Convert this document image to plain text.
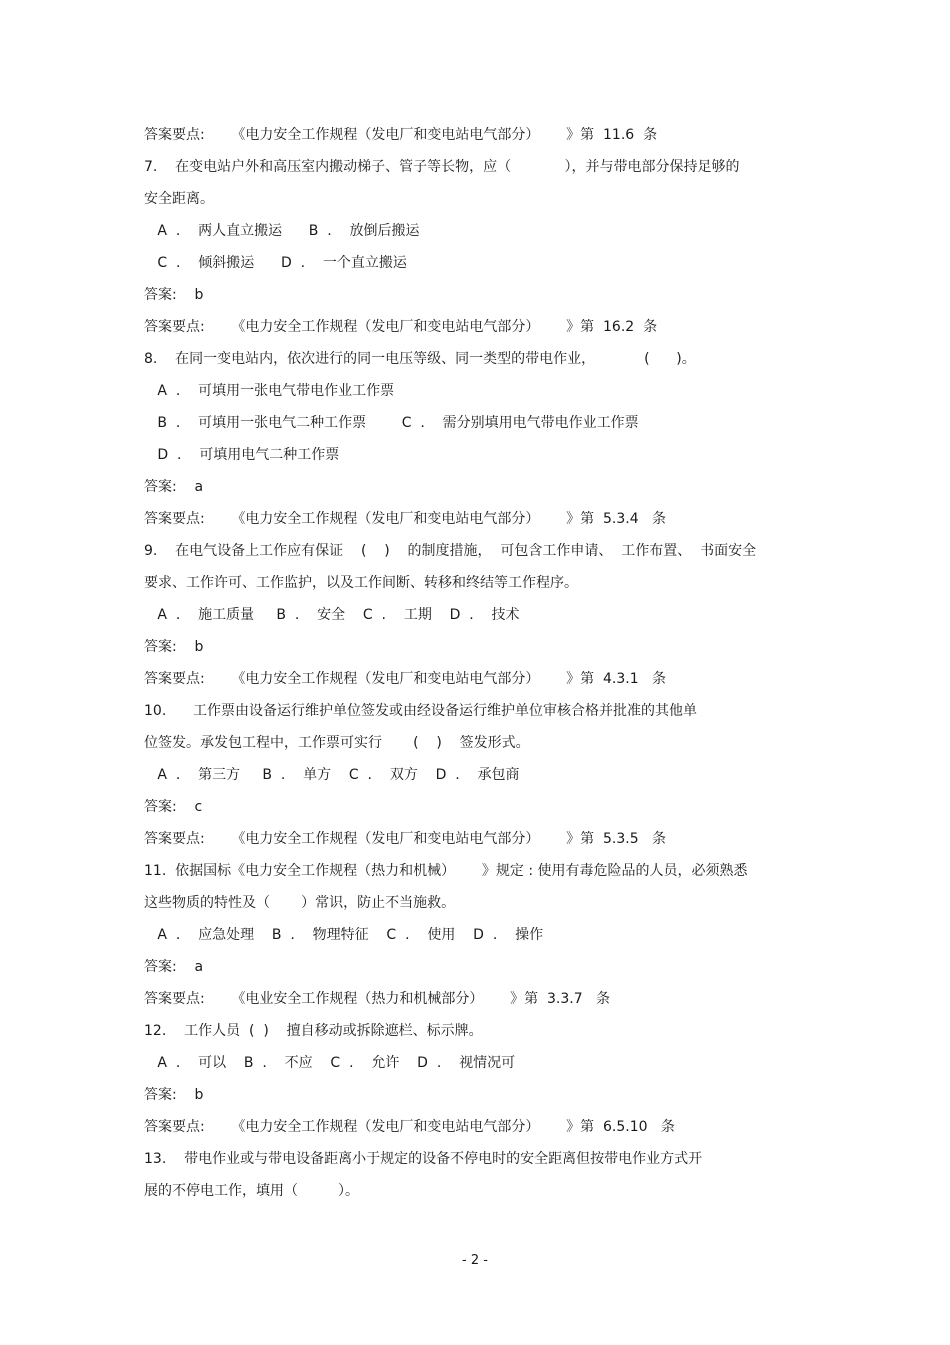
答案要点:      《电力安全工作规程（发电厂和变电站电气部分）      》第  11.6  条
7.    在变电站户外和高压室内搬动梯子、管子等长物，应（            ），并与带电部分保持足够的
安全距离。
A  .    两人直立搬运      B  .    放倒后搬运
C  .    倾斜搬运      D  .    一个直立搬运
答案:    b
答案要点:      《电力安全工作规程（发电厂和变电站电气部分）      》第  16.2  条
8.    在同一变电站内，依次进行的同一电压等级、同一类型的带电作业，           (      )。
A  .    可填用一张电气带电作业工作票
B  .    可填用一张电气二种工作票        C  .    需分别填用电气带电作业工作票
D  .    可填用电气二种工作票
答案:    a
答案要点:      《电力安全工作规程（发电厂和变电站电气部分）      》第  5.3.4   条
9.    在电气设备上工作应有保证    (    )    的制度措施，  可包含工作申请、  工作布置、  书面安全
要求、工作许可、工作监护，以及工作间断、转移和终结等工作程序。
A  .    施工质量     B  .    安全    C  .    工期    D  .    技术
答案:    b
答案要点:      《电力安全工作规程（发电厂和变电站电气部分）      》第  4.3.1   条
10.      工作票由设备运行维护单位签发或由经设备运行维护单位审核合格并批准的其他单
位签发。承发包工程中，工作票可实行       (    )    签发形式。
A  .    第三方     B  .    单方    C  .    双方    D  .    承包商
答案:    c
答案要点:      《电力安全工作规程（发电厂和变电站电气部分）      》第  5.3.5   条
11.  依据国标《电力安全工作规程（热力和机械）      》规定 : 使用有毒危险品的人员，必须熟悉
这些物质的特性及（       ）常识，防止不当施救。
A  .    应急处理    B  .    物理特征    C  .    使用    D  .    操作
答案:    a
答案要点:      《电业安全工作规程（热力和机械部分）      》第  3.3.7   条
12.    工作人员  (  )    擅自移动或拆除遮栏、标示牌。
A  .    可以    B  .    不应    C  .    允许    D  .    视情况可
答案:    b
答案要点:      《电力安全工作规程（发电厂和变电站电气部分）      》第  6.5.10   条
13.    带电作业或与带电设备距离小于规定的设备不停电时的安全距离但按带电作业方式开
展的不停电工作，填用（         ）。
- 2 -
